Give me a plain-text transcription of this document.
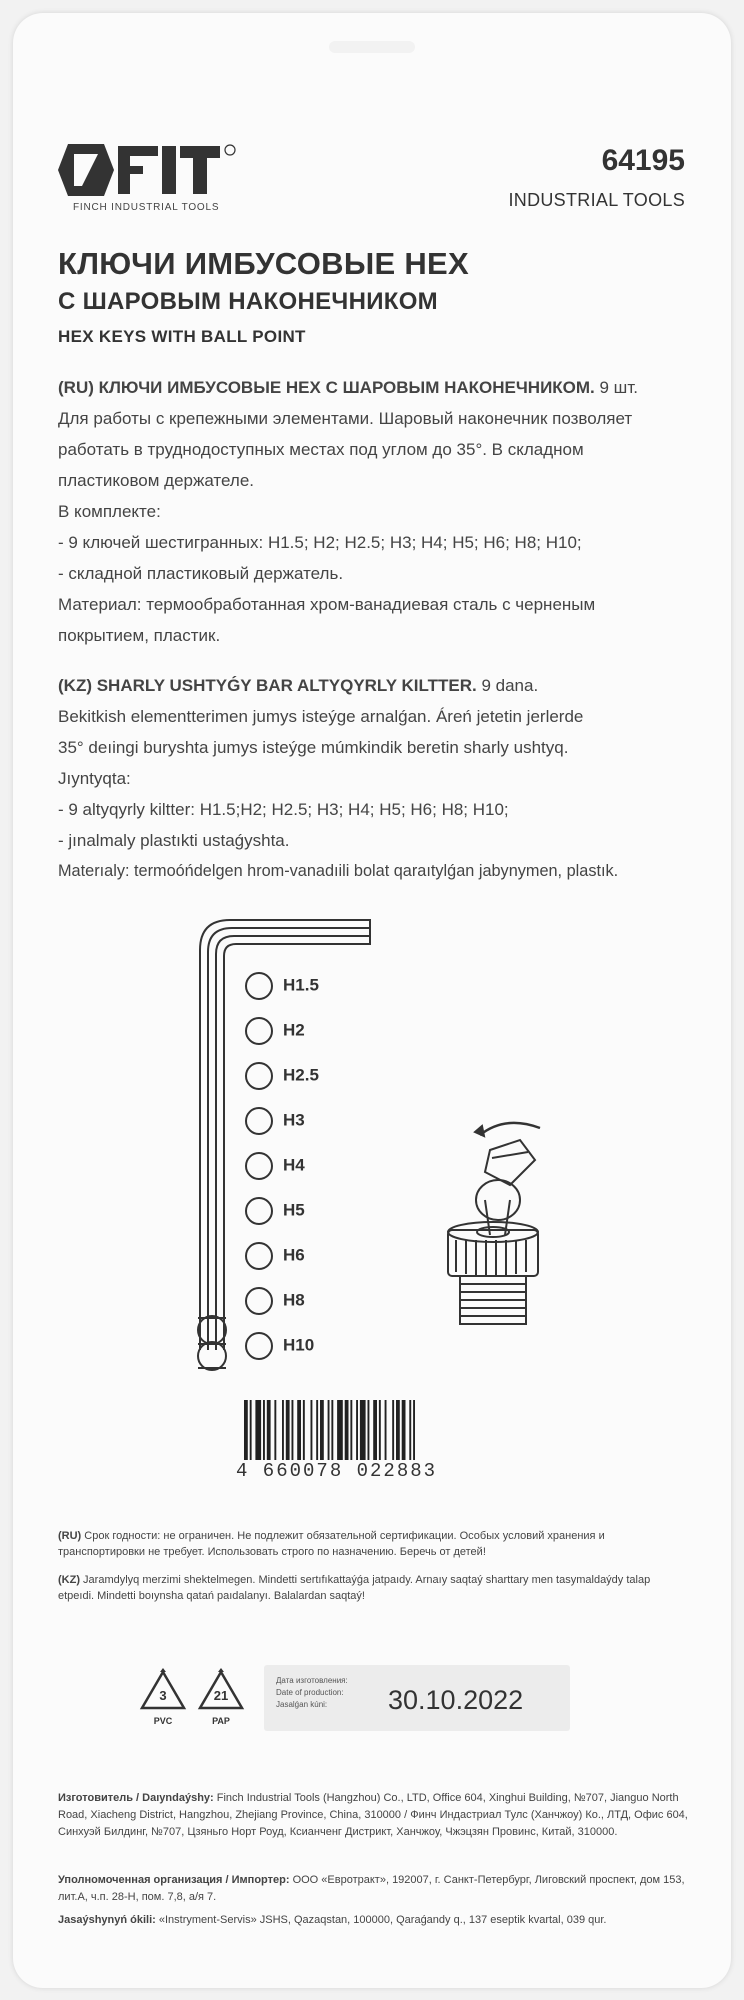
FINCH INDUSTRIAL TOOLS
64195
INDUSTRIAL TOOLS
КЛЮЧИ ИМБУСОВЫЕ HEX
С ШАРОВЫМ НАКОНЕЧНИКОМ
HEX KEYS WITH BALL POINT
(RU) КЛЮЧИ ИМБУСОВЫЕ HEX С ШАРОВЫМ НАКОНЕЧНИКОМ. 9 шт.
Для работы с крепежными элементами. Шаровый наконечник позволяет
работать в труднодоступных местах под углом до 35°. В складном
пластиковом держателе.
В комплекте:
- 9 ключей шестигранных: H1.5; H2; H2.5; H3; H4; H5; H6; H8; H10;
- складной пластиковый держатель.
Материал: термообработанная хром-ванадиевая сталь с черненым
покрытием, пластик.
(KZ) SHARLY USHTYǴY BAR ALTYQYRLY KILTTER. 9 dana.
Bekitkish elementterimen jumys isteýge arnalǵan. Áreń jetetin jerlerde
35° deıingi buryshta jumys isteýge múmkindik beretin sharly ushtyq.
Jıyntyqta:
- 9 altyqyrly kiltter: H1.5;H2; H2.5; H3; H4; H5; H6; H8; H10;
- jınalmaly plastıkti ustaǵyshta.
Materıaly: termoóńdelgen hrom-vanadıili bolat qaraıtylǵan jabynymen, plastık.
H1.5
H2
H2.5
H3
H4
H5
H6
H8
H10
4 660078 022883
(RU) Срок годности: не ограничен. Не подлежит обязательной сертификации. Особых условий хранения и транспортировки не требует. Использовать строго по назначению. Беречь от детей!
(KZ) Jaramdylyq merzimi shektelmegen. Mindetti sertıfıkattaýǵa jatpaıdy. Arnaıy saqtaý sharttary men tasymaldaýdy talap etpeıdi. Mindetti boıynsha qatań paıdalanyı. Balalardan saqtaý!
3
PVC
21
PAP
Дата изготовления:
Date of production:
Jasalǵan kúni:	30.10.2022
Изготовитель / Daıyndaýshy: Finch Industrial Tools (Hangzhou) Co., LTD, Office 604, Xinghui Building, №707, Jianguo North Road, Xiacheng District, Hangzhou, Zhejiang Province, China, 310000 / Финч Индастриал Тулс (Ханчжоу) Ко., ЛТД, Офис 604, Синхуэй Билдинг, №707, Цзяньго Норт Роуд, Ксианченг Дистрикт, Ханчжоу, Чжэцзян Провинс, Китай, 310000.
Уполномоченная организация / Импортер: ООО «Евротракт», 192007, г. Санкт-Петербург, Лиговский проспект, дом 153, лит.А, ч.п. 28-Н, пом. 7,8, а/я 7.
Jasaýshynyń ókili: «Instryment-Servis» JSHS, Qazaqstan, 100000, Qaraǵandy q., 137 eseptik kvartal, 039 qur.
